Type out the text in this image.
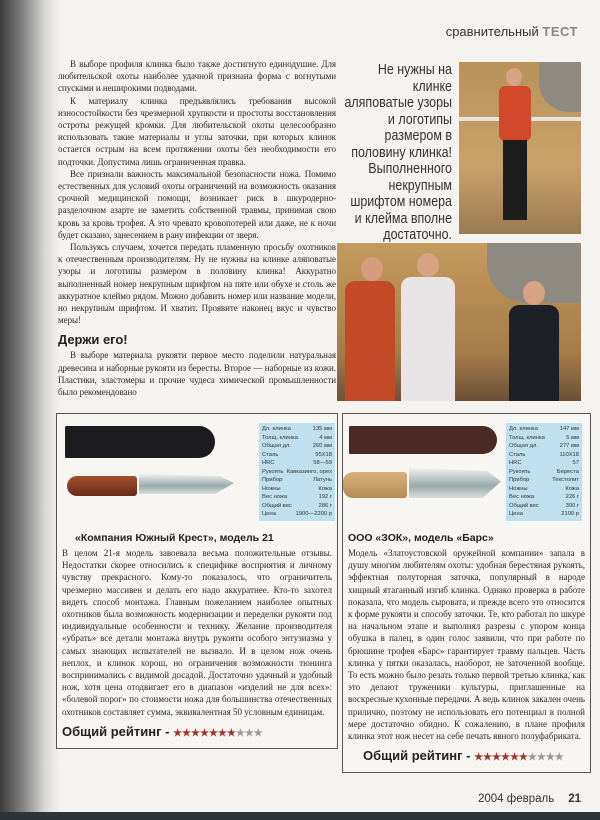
сравнительный ТЕСТ

В выборе профиля клинка было также достигнуто единодушие. Для любительской охоты наиболее удачной признана форма с вогнутыми спусками и неширокими подводами.

К материалу клинка предъявлялись требования высокой износостойкости без чрезмерной хрупкости и простоты восстановления остроты режущей кромки. Для любительской охоты целесообразно использовать такие материалы и углы заточки, при которых клинок остается острым на всем протяжении охоты без необходимости его подточки. Допустима лишь ограниченная правка.

Все признали важность максимальной безопасности ножа. Помимо естественных для условий охоты ограничений на возможность оказания срочной медицинской помощи, возникает риск в шкуродерно-разделочном азарте не заметить собственной травмы, принимая свою кровь за кровь трофея. А это чревато кровопотерей или даже, не к ночи будет сказано, занесением в рану инфекции от зверя.

Пользуясь случаем, хочется передать пламенную просьбу охотников к отечественным производителям. Ну не нужны на клинке аляповатые узоры и логотипы размером в половину клинка! Аккуратно выполненный номер некрупным шрифтом на пяте или обухе и столь же аккуратное клеймо рядом. Можно добавить номер или название модели, но некрупным шрифтом. И хватит. Проявите наконец вкус и чувство меры!

Держи его!

В выборе материала рукояти первое место поделили натуральная древесина и наборные рукояти из бересты. Второе — наборные из кожи. Пластики, эластомеры и прочие чудеса химической промышленности было рекомендовано

Не нужны на клинке аляповатые узоры и логотипы размером в половину клинка! Выполненного некрупным шрифтом номера и клейма вполне достаточно.
Дл. клинка	135 мм
Толщ. клинка	4 мм
Общая дл.	260 мм
Сталь	95Х18
HRC	58—59
Рукоять Кавказинго, орех
Прибор	Латунь
Ножны	Кожа
Вес ножа	192 г
Общий вес	286 г
Цена	1900—2200 р
«Компания Южный Крест», модель 21
В целом 21-я модель завоевала весьма положительные отзывы. Недостатки скорее относились к специфике восприятия и личному чувству прекрасного. Кому-то показалось, что ограничитель чрезмерно массивен и делать его надо аккуратнее. Кто-то захотел видеть способ монтажа. Главным пожеланием наиболее опытных охотников была возможность модернизации и переделки рукояти под индивидуальные особенности и технику. Желание производителя «убрать» все детали монтажа внутрь рукояти особого энтузиазма у самых знающих испытателей не вызвало. И в целом нож очень неплох, и клинок хорош, но ограничения возможности тюнинга воспринимались с видимой досадой. Достаточно удачный и удобный нож, хотя цена отодвигает его в диапазон «изделий не для всех»: «болевой порог» по стоимости ножа для большинства отечественных охотников составляет сумма, эквивалентная 50 условным единицам.
Общий рейтинг - ★★★★★★★★★★
Дл. клинка	147 мм
Толщ. клинка	5 мм
Общая дл.	277 мм
Сталь	110Х18
HRC	57
Рукоять	Береста
Прибор	Текстолит
Ножны	Кожа
Вес ножа	226 г
Общий вес	300 г
Цена	2100 р
ООО «ЗОК», модель «Барс»
Модель «Златоустовской оружейной компании» запала в душу многим любителям охоты: удобная берестяная рукоять, эффектная полуторная заточка, популярный в народе хищный ятаганный изгиб клинка. Однако проверка в работе показала, что модель сыровата, и прежде всего это относится к форме рукояти и способу заточки. Те, кто работал по шкуре на начальном этапе и выполнял разрезы с упором конца обушка в палец, в один голос заявили, что при работе по брюшине трофея «Барс» гарантирует травму пальцев. Часть клинка у пятки оказалась, наоборот, не заточенной вообще. То есть можно было резать только первой третью клинка, как это делают труженики культуры, приглашенные на воскресные кухонные передачи. А ведь клинок закален очень прилично, поэтому не использовать его потенциал в полной мере достаточно обидно. К сожалению, в плане профиля клинка этот нож несет на себе печать явного полуфабриката.
Общий рейтинг - ★★★★★★★★★★
2004 февраль 21
